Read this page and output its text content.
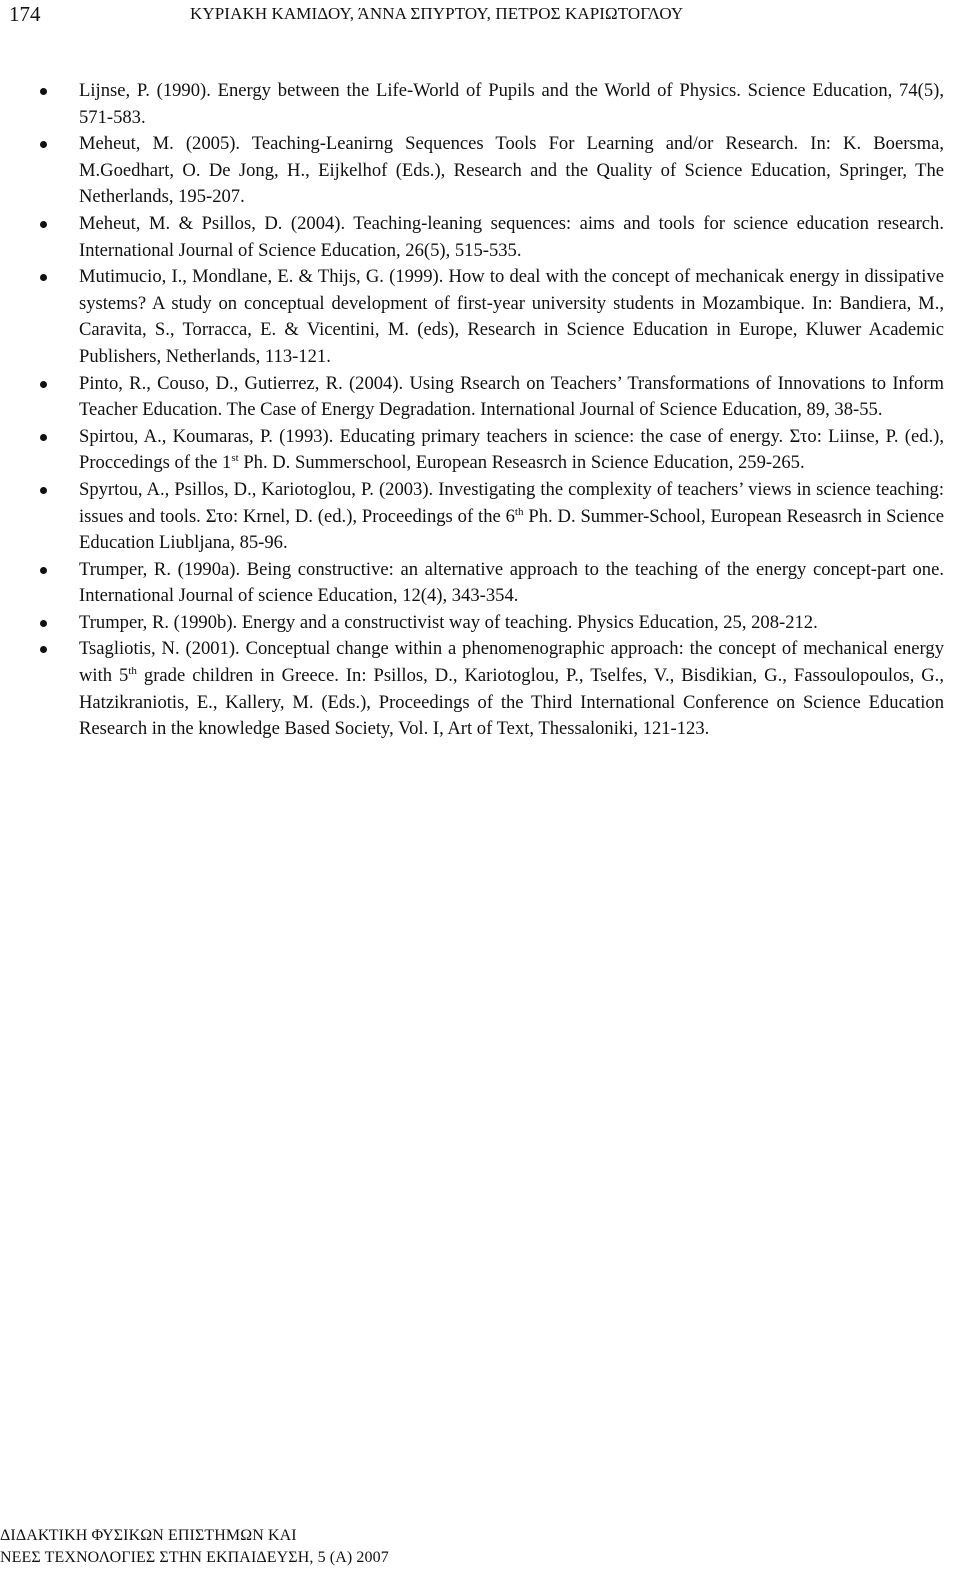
174	ΚΥΡΙΑΚΗ ΚΑΜΙΔΟΥ, ΆΝΝΑ ΣΠΥΡΤΟΥ, ΠΕΤΡΟΣ ΚΑΡΙΩΤΟΓΛΟΥ
Lijnse, P. (1990). Energy between the Life-World of Pupils and the World of Physics. Science Education, 74(5), 571-583.
Meheut, M. (2005). Teaching-Leanirng Sequences Tools For Learning and/or Research. In: K. Boersma, M.Goedhart, O. De Jong, H., Eijkelhof (Eds.), Research and the Quality of Science Education, Springer, The Netherlands, 195-207.
Meheut, M. & Psillos, D. (2004). Teaching-leaning sequences: aims and tools for science education research. International Journal of Science Education, 26(5), 515-535.
Mutimucio, I., Mondlane, E. & Thijs, G. (1999). How to deal with the concept of mechanicak energy in dissipative systems? A study on conceptual development of first-year university students in Mozambique. In: Bandiera, M., Caravita, S., Torracca, E. & Vicentini, M. (eds), Research in Science Education in Europe, Kluwer Academic Publishers, Netherlands, 113-121.
Pinto, R., Couso, D., Gutierrez, R. (2004). Using Rsearch on Teachers’ Transformations of Innovations to Inform Teacher Education. The Case of Energy Degradation. International Journal of Science Education, 89, 38-55.
Spirtou, A., Koumaras, P. (1993). Educating primary teachers in science: the case of energy. Στο: Liinse, P. (ed.), Proccedings of the 1st Ph. D. Summerschool, European Reseasrch in Science Education, 259-265.
Spyrtou, A., Psillos, D., Kariotoglou, P. (2003). Investigating the complexity of teachers’ views in science teaching: issues and tools. Στο: Krnel, D. (ed.), Proceedings of the 6th Ph. D. Summer-School, European Reseasrch in Science Education Liubljana, 85-96.
Trumper, R. (1990a). Being constructive: an alternative approach to the teaching of the energy concept-part one. International Journal of science Education, 12(4), 343-354.
Trumper, R. (1990b). Energy and a constructivist way of teaching. Physics Education, 25, 208-212.
Tsagliotis, N. (2001). Conceptual change within a phenomenographic approach: the concept of mechanical energy with 5th grade children in Greece. In: Psillos, D., Kariotoglou, P., Tselfes, V., Bisdikian, G., Fassoulopoulos, G., Hatzikraniotis, E., Kallery, M. (Eds.), Proceedings of the Third International Conference on Science Education Research in the knowledge Based Society, Vol. I, Art of Text, Thessaloniki, 121-123.
ΔΙΔΑΚΤΙΚΗ ΦΥΣΙΚΩΝ ΕΠΙΣΤΗΜΩΝ ΚΑΙ
ΝΕΕΣ ΤΕΧΝΟΛΟΓΙΕΣ ΣΤΗΝ ΕΚΠΑΙΔΕΥΣΗ, 5 (Α) 2007
